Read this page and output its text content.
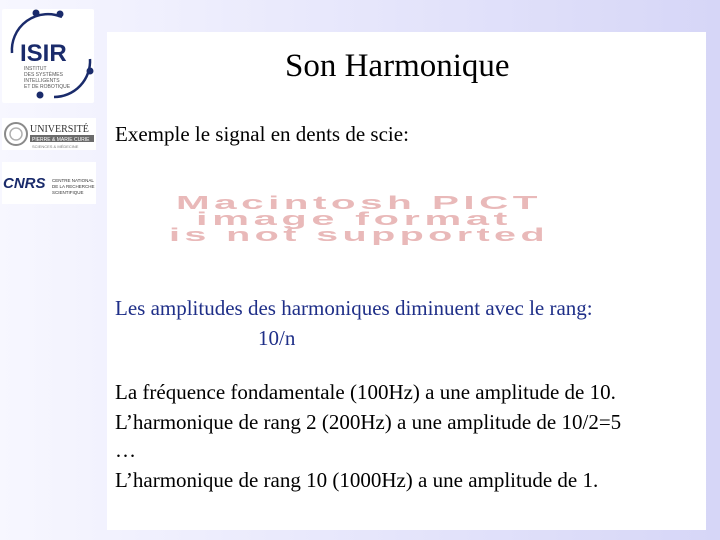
ISIR
INSTITUT
DES SYSTÈMES
INTELLIGENTS
ET DE ROBOTIQUE
UNIVERSITÉ
PIERRE & MARIE CURIE
SCIENCES & MÉDECINE
CNRS CENTRE NATIONAL
DE LA RECHERCHE
SCIENTIFIQUE
Son Harmonique
Exemple le signal en dents de scie:
Macintosh PICT
image format
is not supported
Les amplitudes des harmoniques diminuent avec le rang:
10/n
La fréquence fondamentale (100Hz) a une amplitude de 10.
L’harmonique de rang 2 (200Hz) a une amplitude de 10/2=5
…
L’harmonique de rang 10 (1000Hz) a une amplitude de 1.
